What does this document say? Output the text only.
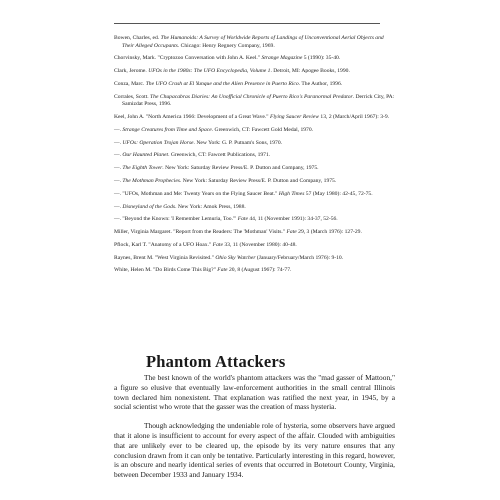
Bowen, Charles, ed. The Humanoids: A Survey of Worldwide Reports of Landings of Unconventional Aerial Objects and Their Alleged Occupants. Chicago: Henry Regnery Company, 1969.
Chorvinsky, Mark. "Cryptozoo Conversation with John A. Keel." Strange Magazine 5 (1990): 35-40.
Clark, Jerome. UFOs in the 1980s: The UFO Encyclopedia, Volume 1. Detroit, MI: Apogee Books, 1990.
Conza, Marc. The UFO Crash at El Yunque and the Alien Presence in Puerto Rico. The Author, 1996.
Corrales, Scott. The Chupacabras Diaries: An Unofficial Chronicle of Puerto Rico's Paranormal Predator. Derrick City, PA: Samizdat Press, 1996.
Keel, John A. "North America 1966: Development of a Great Wave." Flying Saucer Review 13, 2 (March/April 1967): 3-9.
—. Strange Creatures from Time and Space. Greenwich, CT: Fawcett Gold Medal, 1970.
—. UFOs: Operation Trojan Horse. New York: G. P. Putnam's Sons, 1970.
—. Our Haunted Planet. Greenwich, CT: Fawcett Publications, 1971.
—. The Eighth Tower. New York: Saturday Review Press/E. P. Dutton and Company, 1975.
—. The Mothman Prophecies. New York: Saturday Review Press/E. P. Dutton and Company, 1975.
—. "UFOs, Mothman and Me: Twenty Years on the Flying Saucer Beat." High Times 57 (May 1980): 42-45, 72-75.
—. Disneyland of the Gods. New York: Amok Press, 1988.
—. "Beyond the Known: 'I Remember Lemuria, Too.'" Fate 44, 11 (November 1991): 34-37, 52-56.
Miller, Virginia Margaret. "Report from the Readers: The 'Mothman' Visits." Fate 29, 3 (March 1976): 127-29.
Pflock, Karl T. "Anatomy of a UFO Hoax." Fate 33, 11 (November 1980): 40-48.
Raynes, Brent M. "West Virginia Revisited." Ohio Sky Watcher (January/February/March 1976): 9-10.
White, Helen M. "Do Birds Come This Big?" Fate 20, 8 (August 1967): 74-77.
Phantom Attackers

The best known of the world's phantom attackers was the "mad gasser of Mattoon," a figure so elusive that eventually law-enforcement authorities in the small central Illinois town declared him nonexistent. That explanation was ratified the next year, in 1945, by a social scientist who wrote that the gasser was the creation of mass hysteria.

Though acknowledging the undeniable role of hysteria, some observers have argued that it alone is insufficient to account for every aspect of the affair. Clouded with ambiguities that are unlikely ever to be cleared up, the episode by its very nature ensures that any conclusion drawn from it can only be tentative. Particularly interesting in this regard, however, is an obscure and nearly identical series of events that occurred in Botetourt County, Virginia, between December 1933 and January 1934.
